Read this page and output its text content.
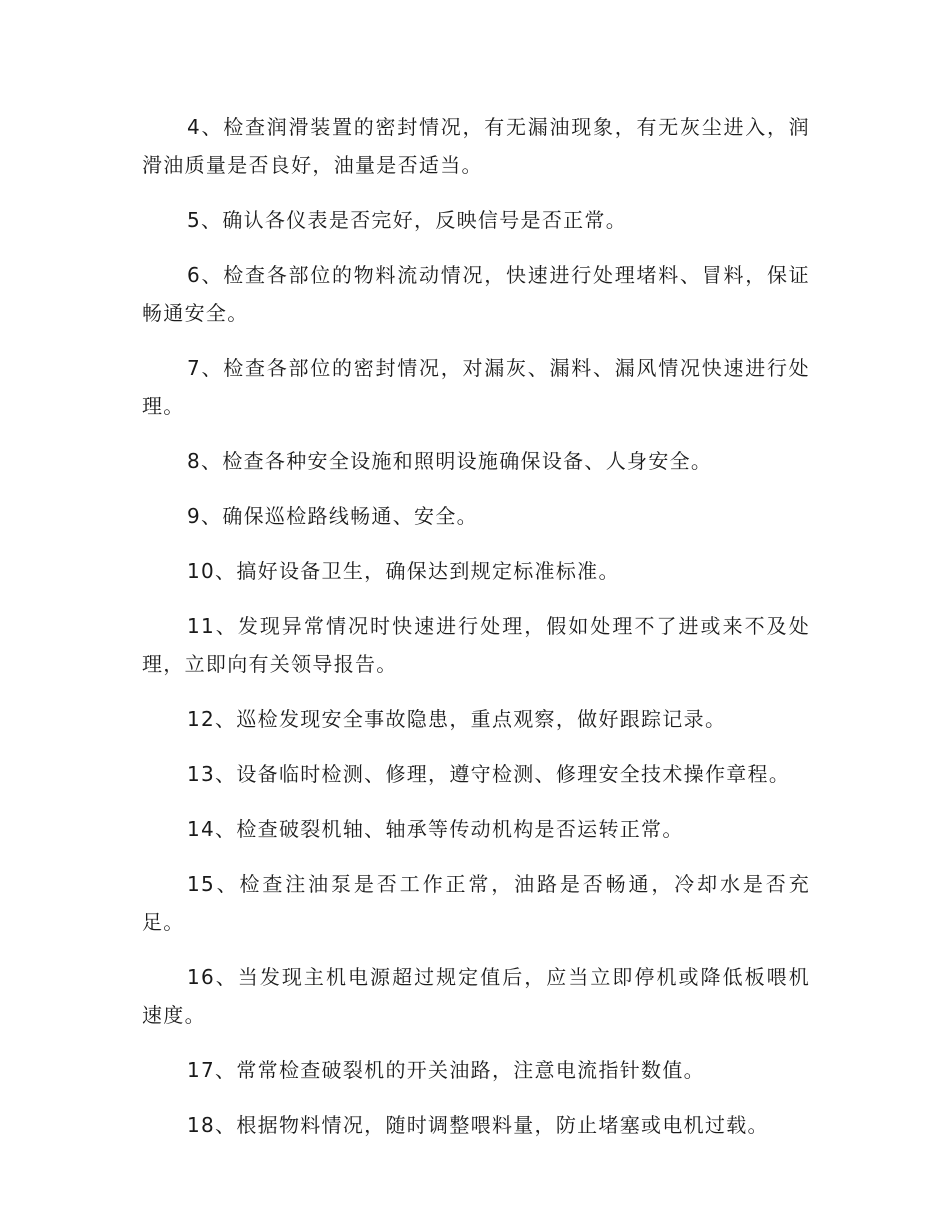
4、检查润滑装置的密封情况，有无漏油现象，有无灰尘进入，润滑油质量是否良好，油量是否适当。

5、确认各仪表是否完好，反映信号是否正常。

6、检查各部位的物料流动情况，快速进行处理堵料、冒料，保证畅通安全。

7、检查各部位的密封情况，对漏灰、漏料、漏风情况快速进行处理。

8、检查各种安全设施和照明设施确保设备、人身安全。

9、确保巡检路线畅通、安全。

10、搞好设备卫生，确保达到规定标准标准。

11、发现异常情况时快速进行处理，假如处理不了进或来不及处理，立即向有关领导报告。

12、巡检发现安全事故隐患，重点观察，做好跟踪记录。

13、设备临时检测、修理，遵守检测、修理安全技术操作章程。

14、检查破裂机轴、轴承等传动机构是否运转正常。

15、检查注油泵是否工作正常，油路是否畅通，冷却水是否充足。

16、当发现主机电源超过规定值后，应当立即停机或降低板喂机速度。

17、常常检查破裂机的开关油路，注意电流指针数值。

18、根据物料情况，随时调整喂料量，防止堵塞或电机过载。
